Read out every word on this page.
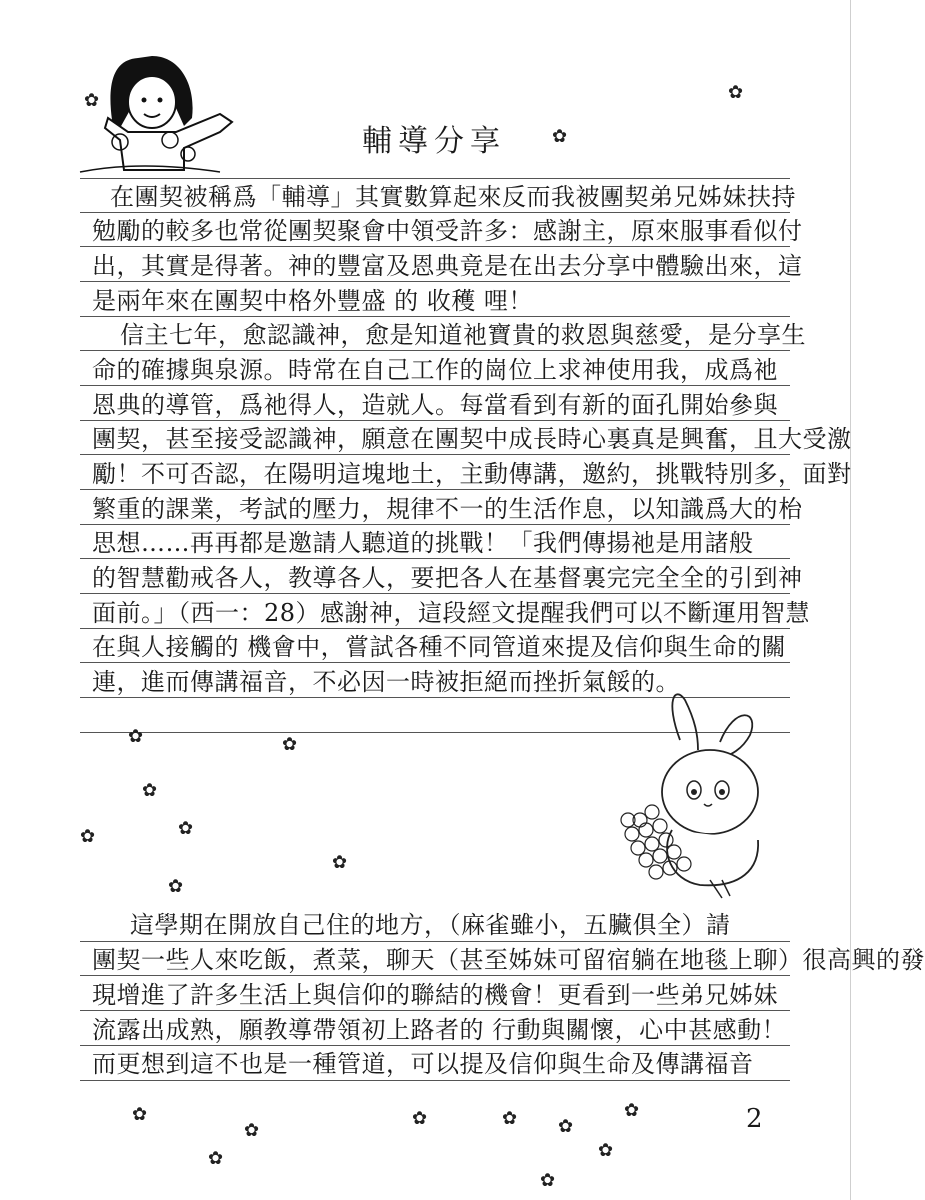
輔導分享
在團契被稱爲「輔導」其實數算起來反而我被團契弟兄姊妹扶持
勉勵的較多也常從團契聚會中領受許多：感謝主，原來服事看似付
出，其實是得著。神的豐富及恩典竟是在出去分享中體驗出來，這
是兩年來在團契中格外豐盛 的 收穫 哩！
信主七年，愈認識神，愈是知道祂寶貴的救恩與慈愛，是分享生
命的確據與泉源。時常在自己工作的崗位上求神使用我，成爲祂
恩典的導管，爲祂得人，造就人。每當看到有新的面孔開始參與
團契，甚至接受認識神，願意在團契中成長時心裏真是興奮，且大受激
勵！不可否認，在陽明這塊地土，主動傳講，邀約，挑戰特別多，面對
繁重的課業，考試的壓力，規律不一的生活作息，以知識爲大的枱
思想……再再都是邀請人聽道的挑戰！「我們傳揚祂是用諸般
的智慧勸戒各人，教導各人，要把各人在基督裏完完全全的引到神
面前。」（西一：28）感謝神，這段經文提醒我們可以不斷運用智慧
在與人接觸的 機會中，嘗試各種不同管道來提及信仰與生命的關
連，進而傳講福音，不必因一時被拒絕而挫折氣餒的。
這學期在開放自己住的地方，（麻雀雖小，五臟俱全）請
團契一些人來吃飯，煮菜，聊天（甚至姊妹可留宿躺在地毯上聊）很高興的發
現增進了許多生活上與信仰的聯結的機會！更看到一些弟兄姊妹
流露出成熟，願教導帶領初上路者的 行動與關懷，心中甚感動！
而更想到這不也是一種管道，可以提及信仰與生命及傳講福音
✿	✿
✿
✿	✿
✿
✿
✿
✿
✿
✿	✿ ✿
✿
✿
✿
✿	✿
✿
2
